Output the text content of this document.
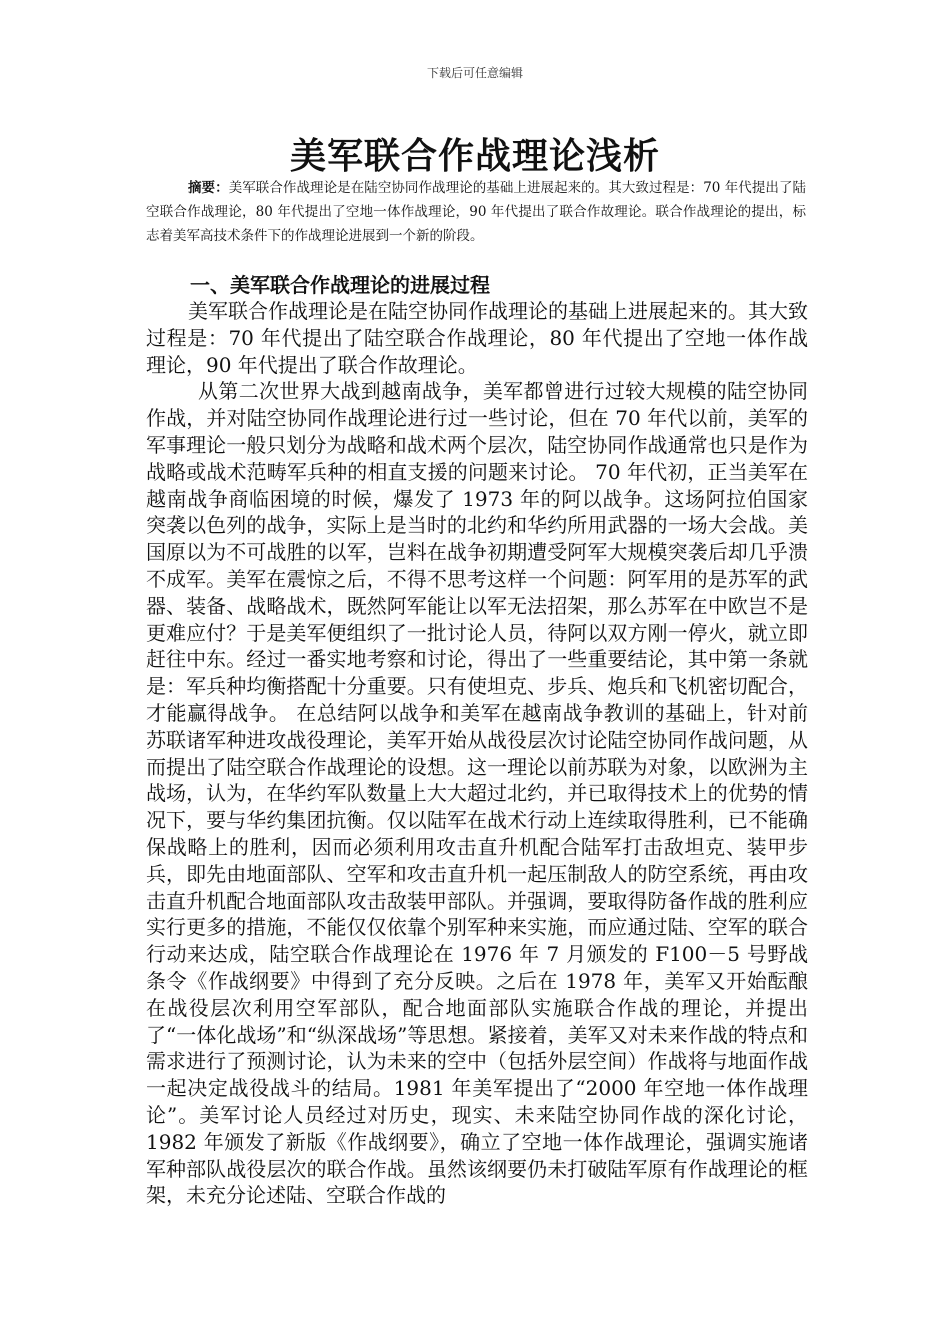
下载后可任意编辑
美军联合作战理论浅析
摘要：美军联合作战理论是在陆空协同作战理论的基础上进展起来的。其大致过程是：70 年代提出了陆空联合作战理论，80 年代提出了空地一体作战理论，90 年代提出了联合作故理论。联合作战理论的提出，标志着美军高技术条件下的作战理论进展到一个新的阶段。
一、美军联合作战理论的进展过程

美军联合作战理论是在陆空协同作战理论的基础上进展起来的。其大致过程是：70 年代提出了陆空联合作战理论，80 年代提出了空地一体作战理论，90 年代提出了联合作故理论。

从第二次世界大战到越南战争，美军都曾进行过较大规模的陆空协同作战，并对陆空协同作战理论进行过一些讨论，但在 70 年代以前，美军的军事理论一般只划分为战略和战术两个层次，陆空协同作战通常也只是作为战略或战术范畴军兵种的相直支援的问题来讨论。 70 年代初，正当美军在越南战争商临困境的时候，爆发了 1973 年的阿以战争。这场阿拉伯国家突袭以色列的战争，实际上是当时的北约和华约所用武器的一场大会战。美国原以为不可战胜的以军，岂料在战争初期遭受阿军大规模突袭后却几乎溃不成军。美军在震惊之后，不得不思考这样一个问题：阿军用的是苏军的武器、装备、战略战术，既然阿军能让以军无法招架，那么苏军在中欧岂不是更难应付？于是美军便组织了一批讨论人员，待阿以双方刚一停火，就立即赶往中东。经过一番实地考察和讨论，得出了一些重要结论，其中第一条就是：军兵种均衡搭配十分重要。只有使坦克、步兵、炮兵和飞机密切配合，才能赢得战争。 在总结阿以战争和美军在越南战争教训的基础上，针对前苏联诸军种进攻战役理论，美军开始从战役层次讨论陆空协同作战问题，从而提出了陆空联合作战理论的设想。这一理论以前苏联为对象，以欧洲为主战场，认为，在华约军队数量上大大超过北约，并已取得技术上的优势的情况下，要与华约集团抗衡。仅以陆军在战术行动上连续取得胜利，已不能确保战略上的胜利，因而必须利用攻击直升机配合陆军打击敌坦克、装甲步兵，即先由地面部队、空军和攻击直升机一起压制敌人的防空系统，再由攻击直升机配合地面部队攻击敌装甲部队。并强调，要取得防备作战的胜利应实行更多的措施，不能仅仅依靠个别军种来实施，而应通过陆、空军的联合行动来达成，陆空联合作战理论在 1976 年 7 月颁发的 F100－5 号野战条令《作战纲要》中得到了充分反映。之后在 1978 年，美军又开始酝酿在战役层次利用空军部队，配合地面部队实施联合作战的理论，并提出了“一体化战场”和“纵深战场”等思想。紧接着，美军又对未来作战的特点和需求进行了预测讨论，认为未来的空中（包括外层空间）作战将与地面作战一起决定战役战斗的结局。1981 年美军提出了“2000 年空地一体作战理论”。美军讨论人员经过对历史，现实、未来陆空协同作战的深化讨论， 1982 年颁发了新版《作战纲要》，确立了空地一体作战理论，强调实施诸军种部队战役层次的联合作战。虽然该纲要仍未打破陆军原有作战理论的框架，未充分论述陆、空联合作战的
